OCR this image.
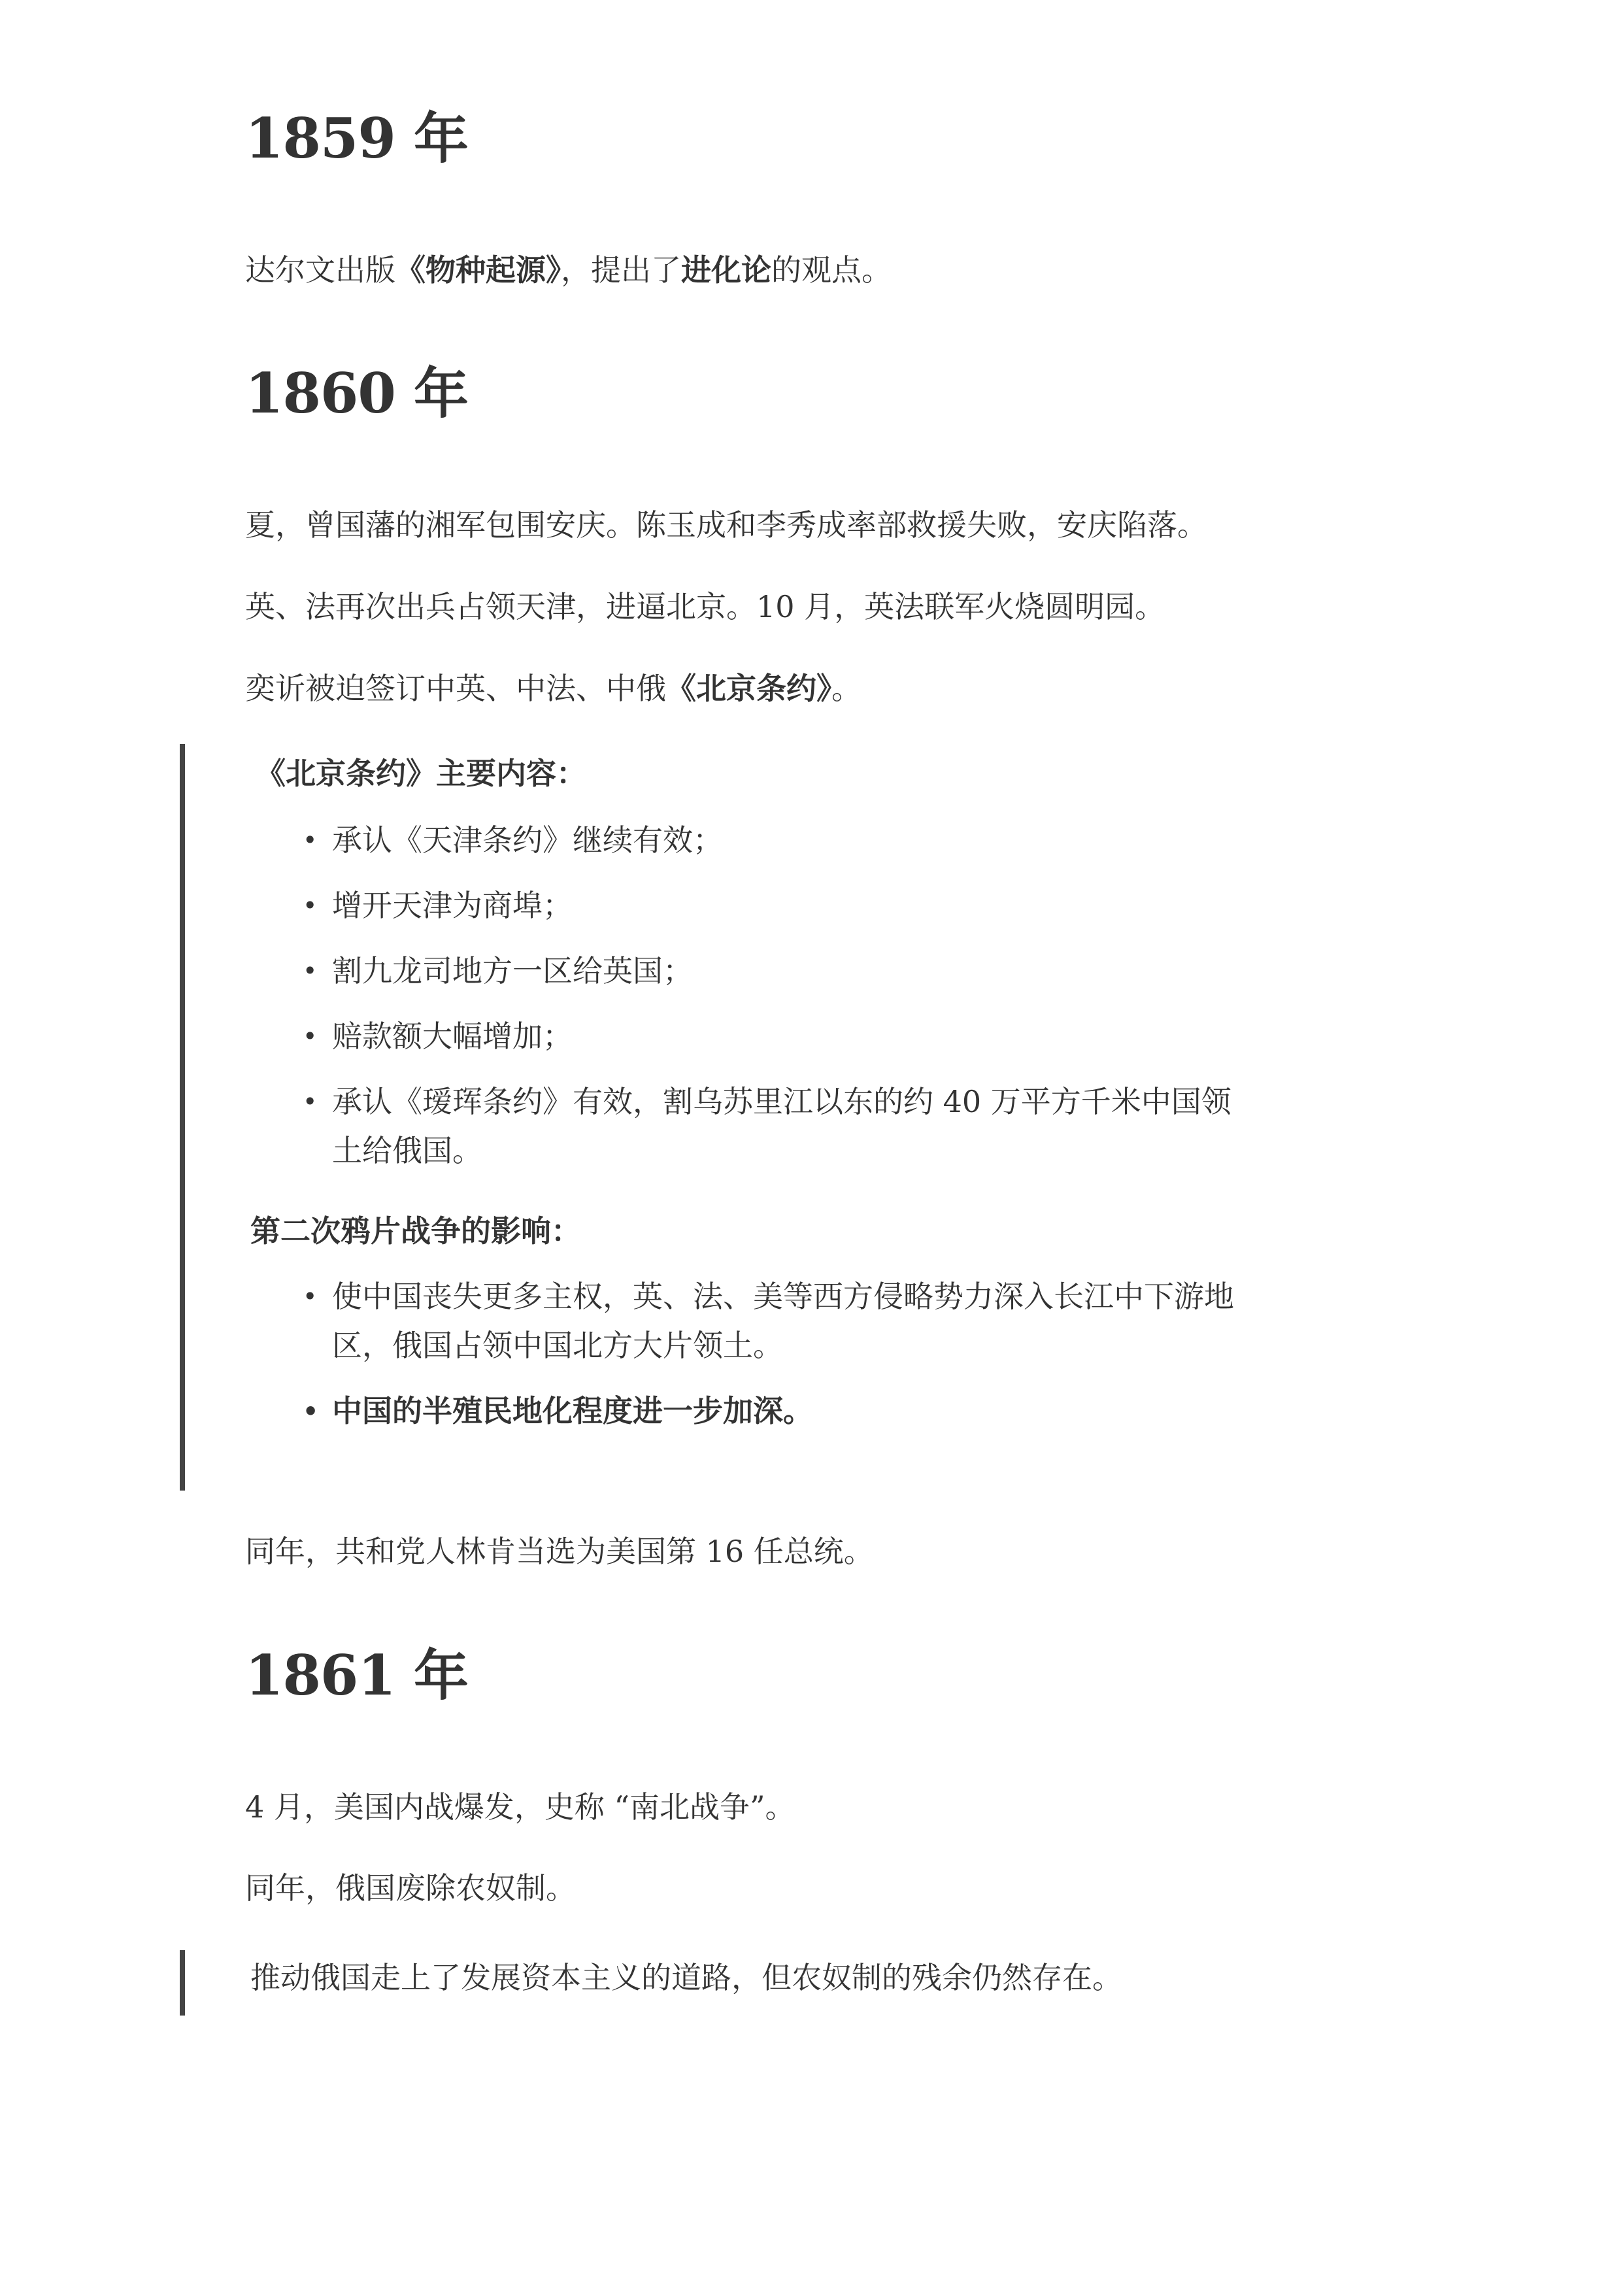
1859 年

达尔文出版《物种起源》，提出了进化论的观点。

1860 年

夏，曾国藩的湘军包围安庆。陈玉成和李秀成率部救援失败，安庆陷落。

英、法再次出兵占领天津，进逼北京。10 月，英法联军火烧圆明园。

奕䜣被迫签订中英、中法、中俄《北京条约》。

《北京条约》主要内容：

• 承认《天津条约》继续有效；
• 增开天津为商埠；
• 割九龙司地方一区给英国；
• 赔款额大幅增加；
• 承认《瑷珲条约》有效，割乌苏里江以东的约 40 万平方千米中国领土给俄国。

第二次鸦片战争的影响：

• 使中国丧失更多主权，英、法、美等西方侵略势力深入长江中下游地区，俄国占领中国北方大片领土。
• 中国的半殖民地化程度进一步加深。

同年，共和党人林肯当选为美国第 16 任总统。

1861 年

4 月，美国内战爆发，史称 “南北战争”。

同年，俄国废除农奴制。

推动俄国走上了发展资本主义的道路，但农奴制的残余仍然存在。
